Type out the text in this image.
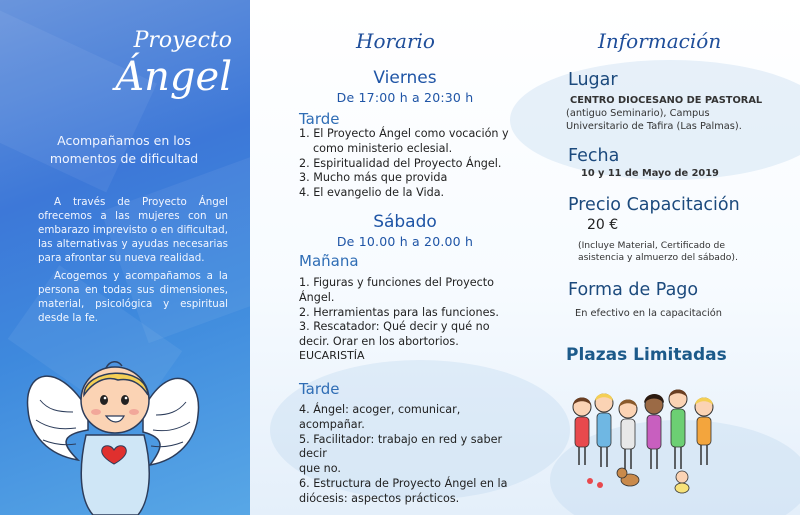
Proyecto
Ángel
Acompañamos en los momentos de dificultad
A través de Proyecto Ángel ofrecemos a las mujeres con un embarazo imprevisto o en dificultad, las alternativas y ayudas necesarias para afrontar su nueva realidad.
Acogemos y acompañamos a la persona en todas sus dimensiones, material, psicológica y espiritual desde la fe.
Horario
Viernes
De 17:00 h a 20:30 h
Tarde
1. El Proyecto Ángel como vocación y
como ministerio eclesial.
2. Espiritualidad del Proyecto Ángel.
3. Mucho más que provida
4. El evangelio de la Vida.
Sábado
De 10.00 h a 20.00 h
Mañana
1. Figuras y funciones del Proyecto Ángel.
2. Herramientas para las funciones.
3. Rescatador: Qué decir y qué no
decir. Orar en los abortorios.
EUCARISTÍA
Tarde
4. Ángel: acoger, comunicar, acompañar.
5. Facilitador: trabajo en red y saber decir
que no.
6. Estructura de Proyecto Ángel en la
diócesis: aspectos prácticos.
Información
Lugar
CENTRO DIOCESANO DE PASTORAL
(antiguo Seminario), Campus
Universitario de Tafira (Las Palmas).
Fecha
10 y 11 de Mayo de 2019
Precio Capacitación
20 €
(Incluye Material, Certificado de
asistencia y almuerzo del sábado).
Forma de Pago
En efectivo en la capacitación
Plazas Limitadas
